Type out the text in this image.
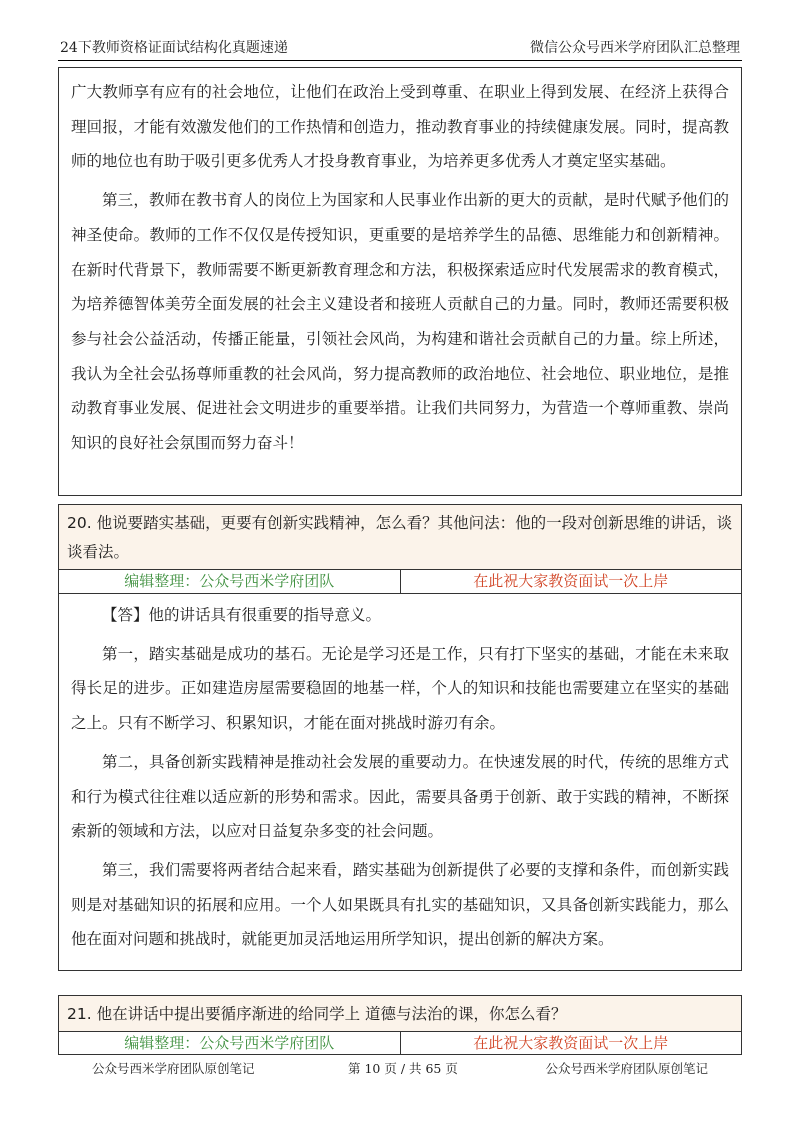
24下教师资格证面试结构化真题速递	微信公众号西米学府团队汇总整理

广大教师享有应有的社会地位，让他们在政治上受到尊重、在职业上得到发展、在经济上获得合理回报，才能有效激发他们的工作热情和创造力，推动教育事业的持续健康发展。同时，提高教师的地位也有助于吸引更多优秀人才投身教育事业，为培养更多优秀人才奠定坚实基础。

第三，教师在教书育人的岗位上为国家和人民事业作出新的更大的贡献，是时代赋予他们的神圣使命。教师的工作不仅仅是传授知识，更重要的是培养学生的品德、思维能力和创新精神。在新时代背景下，教师需要不断更新教育理念和方法，积极探索适应时代发展需求的教育模式，为培养德智体美劳全面发展的社会主义建设者和接班人贡献自己的力量。同时，教师还需要积极参与社会公益活动，传播正能量，引领社会风尚，为构建和谐社会贡献自己的力量。综上所述，我认为全社会弘扬尊师重教的社会风尚，努力提高教师的政治地位、社会地位、职业地位，是推动教育事业发展、促进社会文明进步的重要举措。让我们共同努力，为营造一个尊师重教、崇尚知识的良好社会氛围而努力奋斗！

20. 他说要踏实基础，更要有创新实践精神，怎么看？其他问法：他的一段对创新思维的讲话，谈谈看法。
编辑整理：公众号西米学府团队	在此祝大家教资面试一次上岸

【答】他的讲话具有很重要的指导意义。

第一，踏实基础是成功的基石。无论是学习还是工作，只有打下坚实的基础，才能在未来取得长足的进步。正如建造房屋需要稳固的地基一样，个人的知识和技能也需要建立在坚实的基础之上。只有不断学习、积累知识，才能在面对挑战时游刃有余。

第二，具备创新实践精神是推动社会发展的重要动力。在快速发展的时代，传统的思维方式和行为模式往往难以适应新的形势和需求。因此，需要具备勇于创新、敢于实践的精神，不断探索新的领域和方法，以应对日益复杂多变的社会问题。

第三，我们需要将两者结合起来看，踏实基础为创新提供了必要的支撑和条件，而创新实践则是对基础知识的拓展和应用。一个人如果既具有扎实的基础知识，又具备创新实践能力，那么他在面对问题和挑战时，就能更加灵活地运用所学知识，提出创新的解决方案。

21. 他在讲话中提出要循序渐进的给同学上 道德与法治的课，你怎么看？
编辑整理：公众号西米学府团队	在此祝大家教资面试一次上岸
公众号西米学府团队原创笔记	第 10 页 / 共 65 页	公众号西米学府团队原创笔记
